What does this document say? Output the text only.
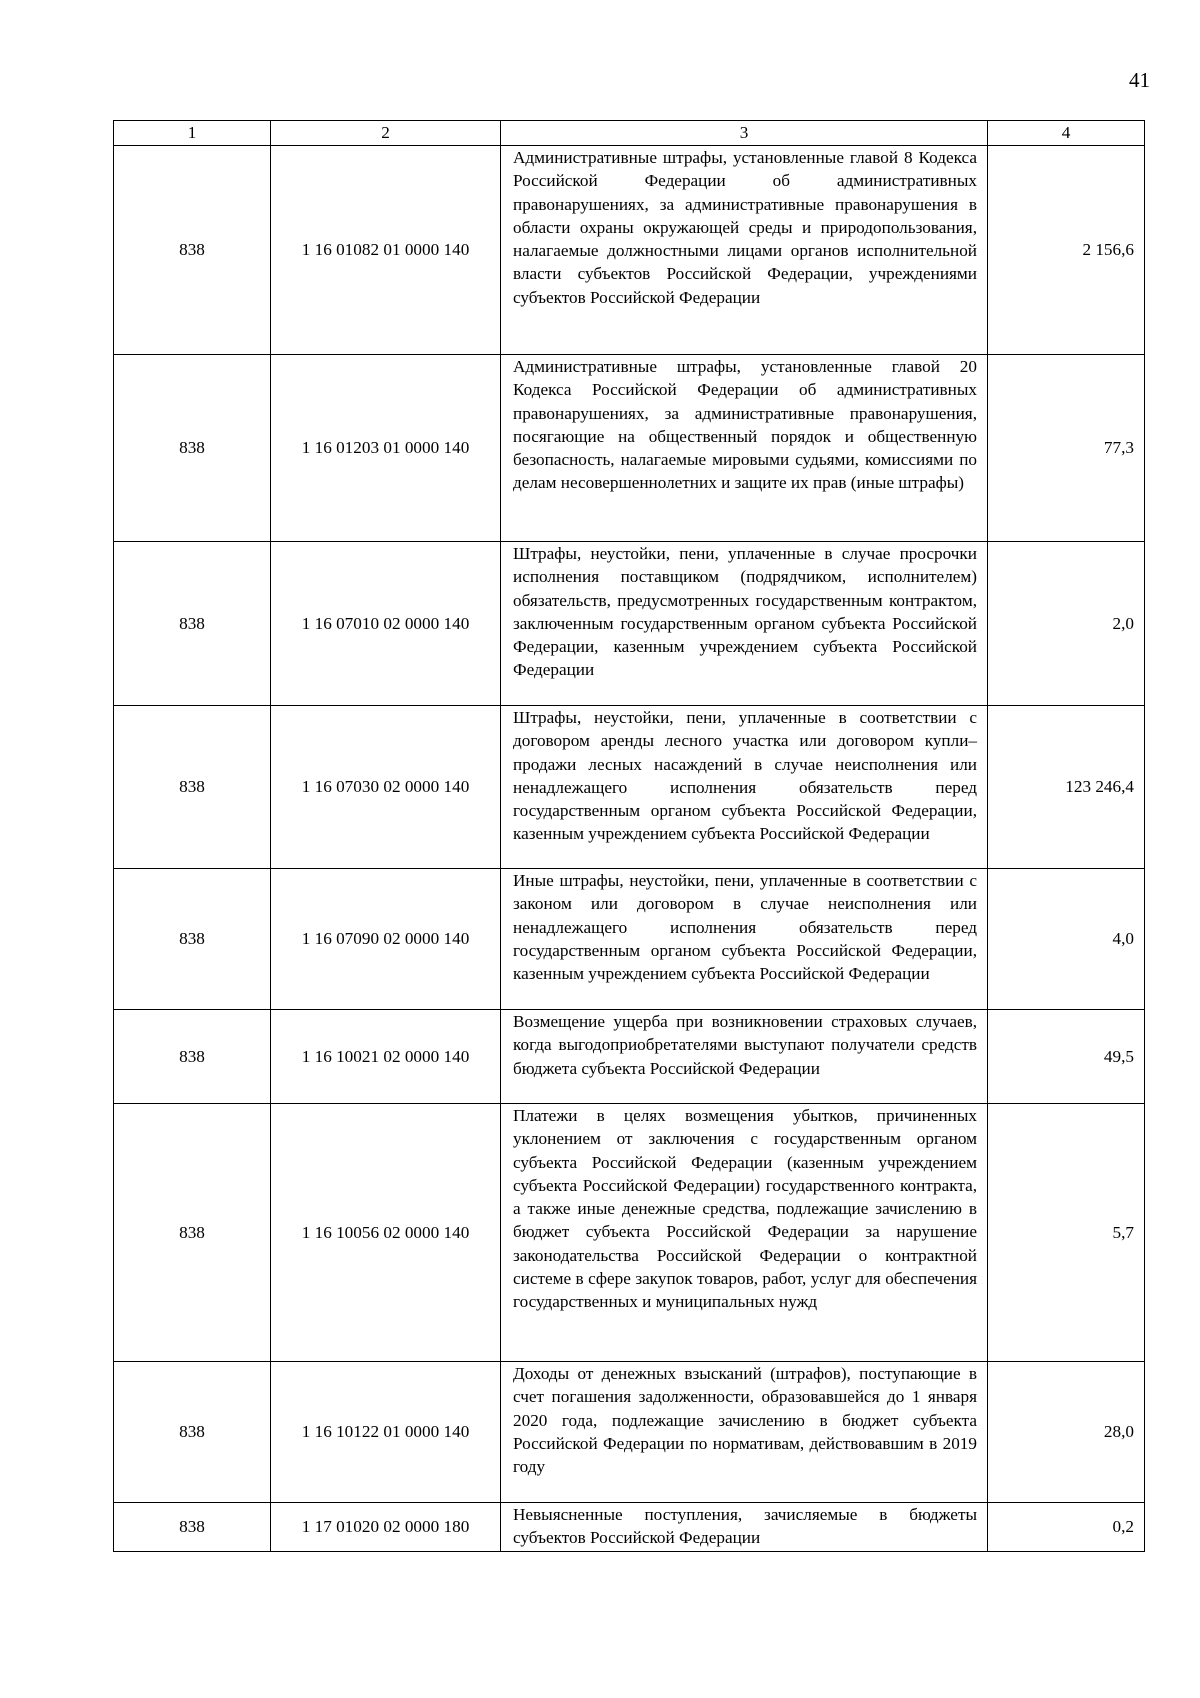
41
1	2	3	4
838	1 16 01082 01 0000 140	Административные штрафы, установленные главой 8 Кодекса Российской Федерации об административных правонарушениях, за административные правонарушения в области охраны окружающей среды и природопользования, налагаемые должностными лицами органов исполнительной власти субъектов Российской Федерации, учреждениями субъектов Российской Федерации	2 156,6
838	1 16 01203 01 0000 140	Административные штрафы, установленные главой 20 Кодекса Российской Федерации об административных правонарушениях, за административные правонарушения, посягающие на общественный порядок и общественную безопасность, налагаемые мировыми судьями, комиссиями по делам несовершеннолетних и защите их прав (иные штрафы)	77,3
838	1 16 07010 02 0000 140	Штрафы, неустойки, пени, уплаченные в случае просрочки исполнения поставщиком (подрядчиком, исполнителем) обязательств, предусмотренных государственным контрактом, заключенным государственным органом субъекта Российской Федерации, казенным учреждением субъекта Российской Федерации	2,0
838	1 16 07030 02 0000 140	Штрафы, неустойки, пени, уплаченные в соответствии с договором аренды лесного участка или договором купли–продажи лесных насаждений в случае неисполнения или ненадлежащего исполнения обязательств перед государственным органом субъекта Российской Федерации, казенным учреждением субъекта Российской Федерации	123 246,4
838	1 16 07090 02 0000 140	Иные штрафы, неустойки, пени, уплаченные в соответствии с законом или договором в случае неисполнения или ненадлежащего исполнения обязательств перед государственным органом субъекта Российской Федерации, казенным учреждением субъекта Российской Федерации	4,0
838	1 16 10021 02 0000 140	Возмещение ущерба при возникновении страховых случаев, когда выгодоприобретателями выступают получатели средств бюджета субъекта Российской Федерации	49,5
838	1 16 10056 02 0000 140	Платежи в целях возмещения убытков, причиненных уклонением от заключения с государственным органом субъекта Российской Федерации (казенным учреждением субъекта Российской Федерации) государственного контракта, а также иные денежные средства, подлежащие зачислению в бюджет субъекта Российской Федерации за нарушение законодательства Российской Федерации о контрактной системе в сфере закупок товаров, работ, услуг для обеспечения государственных и муниципальных нужд	5,7
838	1 16 10122 01 0000 140	Доходы от денежных взысканий (штрафов), поступающие в счет погашения задолженности, образовавшейся до 1 января 2020 года, подлежащие зачислению в бюджет субъекта Российской Федерации по нормативам, действовавшим в 2019 году	28,0
838	1 17 01020 02 0000 180	Невыясненные поступления, зачисляемые в бюджеты субъектов Российской Федерации	0,2
